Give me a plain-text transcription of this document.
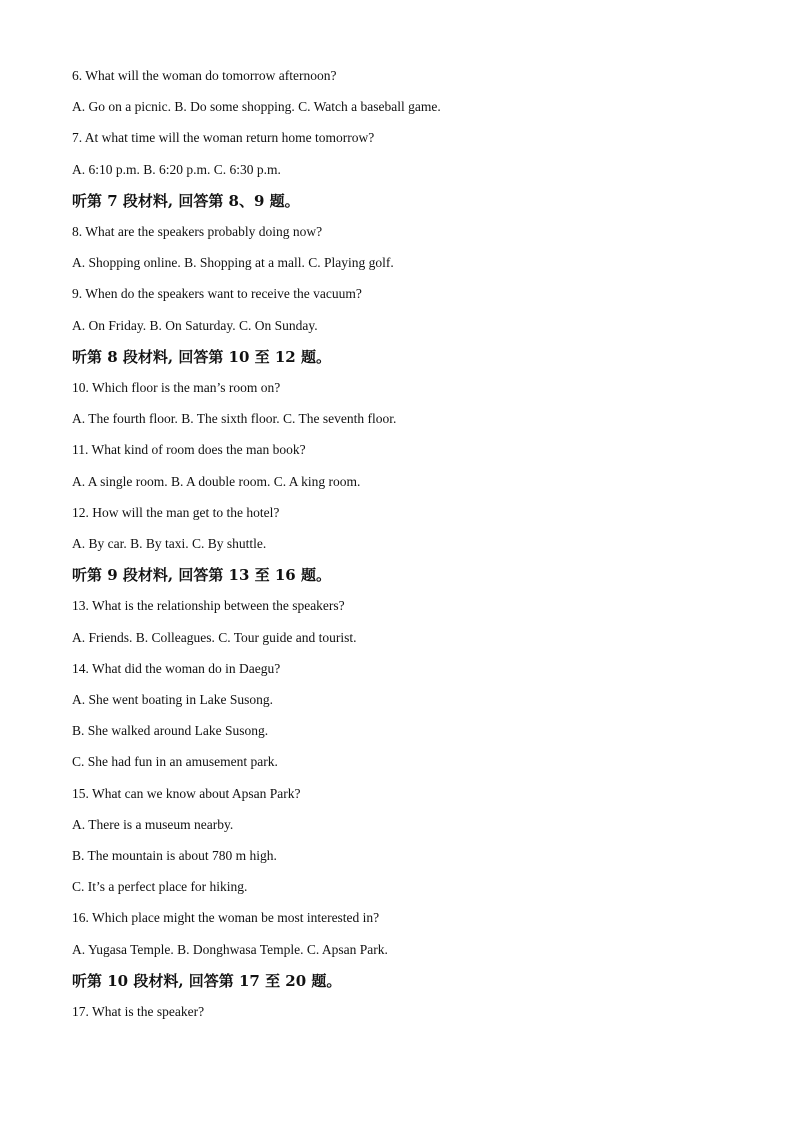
6. What will the woman do tomorrow afternoon?
A. Go on a picnic. B. Do some shopping. C. Watch a baseball game.
7. At what time will the woman return home tomorrow?
A. 6:10 p.m. B. 6:20 p.m. C. 6:30 p.m.
听第 7 段材料, 回答第 8、9 题。
8. What are the speakers probably doing now?
A. Shopping online. B. Shopping at a mall. C. Playing golf.
9. When do the speakers want to receive the vacuum?
A. On Friday. B. On Saturday. C. On Sunday.
听第 8 段材料, 回答第 10 至 12 题。
10. Which floor is the man’s room on?
A. The fourth floor. B. The sixth floor. C. The seventh floor.
11. What kind of room does the man book?
A. A single room. B. A double room. C. A king room.
12. How will the man get to the hotel?
A. By car. B. By taxi. C. By shuttle.
听第 9 段材料, 回答第 13 至 16 题。
13. What is the relationship between the speakers?
A. Friends. B. Colleagues. C. Tour guide and tourist.
14. What did the woman do in Daegu?
A. She went boating in Lake Susong.
B. She walked around Lake Susong.
C. She had fun in an amusement park.
15. What can we know about Apsan Park?
A. There is a museum nearby.
B. The mountain is about 780 m high.
C. It’s a perfect place for hiking.
16. Which place might the woman be most interested in?
A. Yugasa Temple. B. Donghwasa Temple. C. Apsan Park.
听第 10 段材料, 回答第 17 至 20 题。
17. What is the speaker?
